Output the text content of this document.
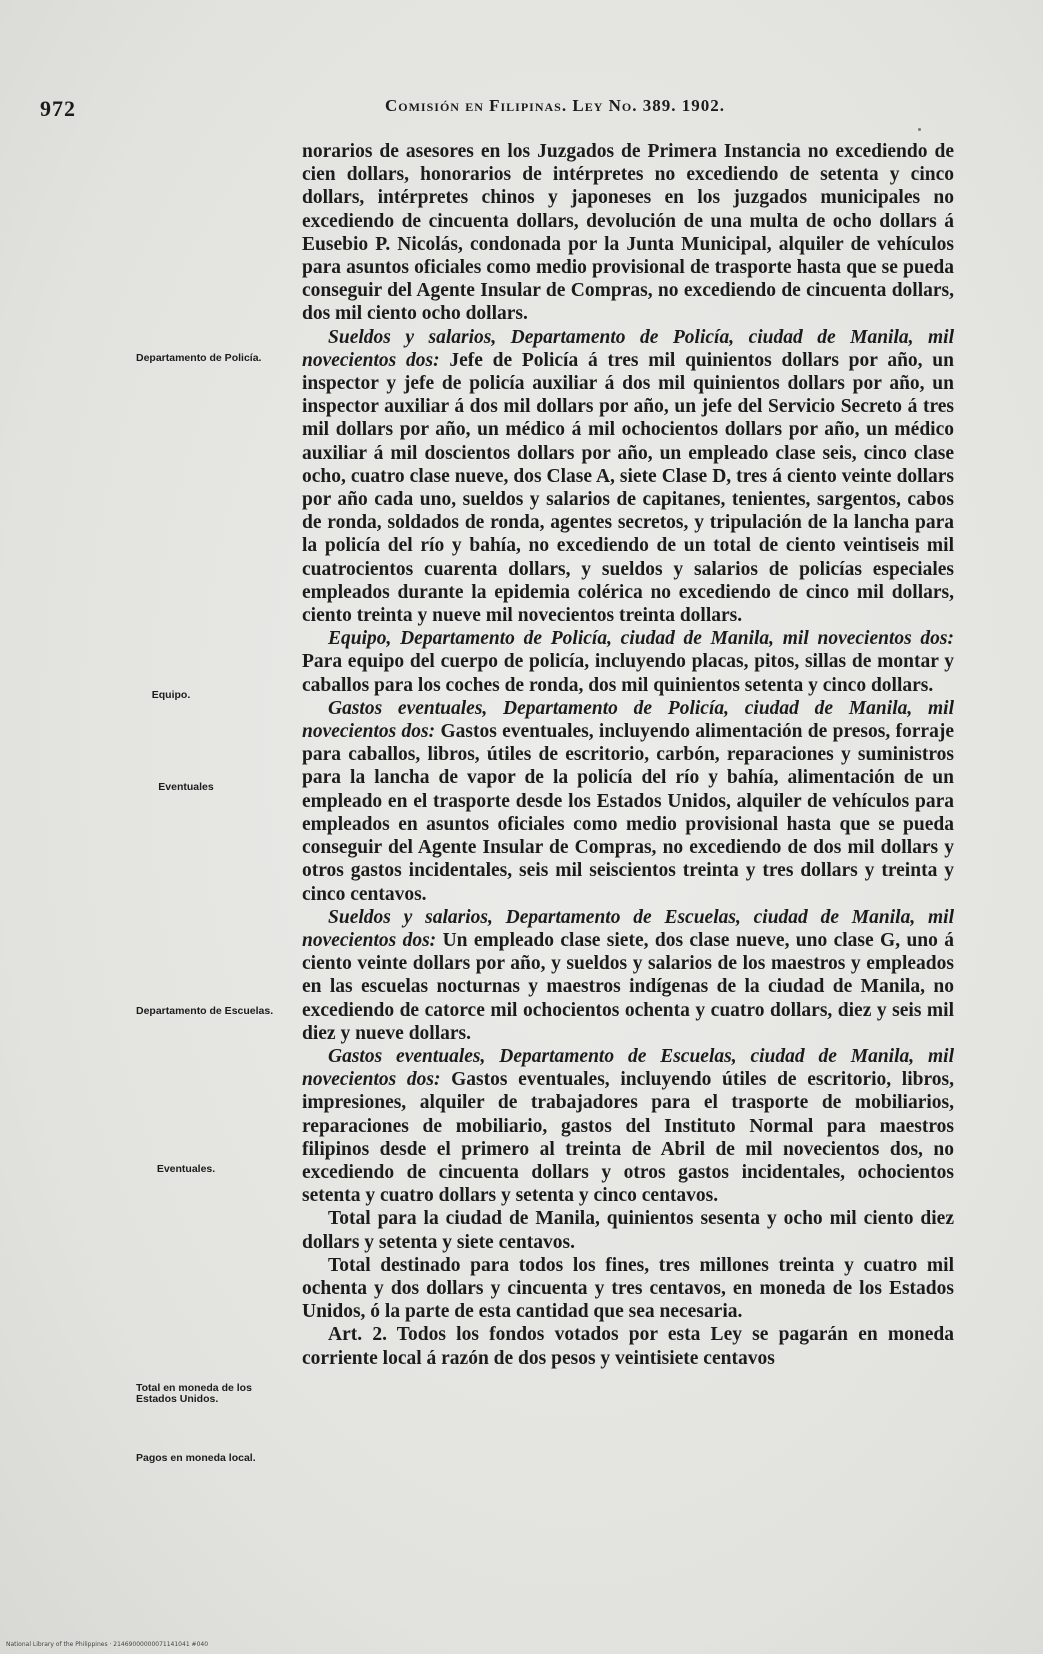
972	Comisión en Filipinas. Ley No. 389. 1902.

norarios de asesores en los Juzgados de Primera Instancia no excediendo de cien dollars, honorarios de intérpretes no excediendo de setenta y cinco dollars, intérpretes chinos y japoneses en los juzgados municipales no excediendo de cincuenta dollars, devolución de una multa de ocho dollars á Eusebio P. Nicolás, condonada por la Junta Municipal, alquiler de vehículos para asuntos oficiales como medio provisional de trasporte hasta que se pueda conseguir del Agente Insular de Compras, no excediendo de cincuenta dollars, dos mil ciento ocho dollars.

Sueldos y salarios, Departamento de Policía, ciudad de Manila, mil novecientos dos: Jefe de Policía á tres mil quinientos dollars por año, un inspector y jefe de policía auxiliar á dos mil quinientos dollars por año, un inspector auxiliar á dos mil dollars por año, un jefe del Servicio Secreto á tres mil dollars por año, un médico á mil ochocientos dollars por año, un médico auxiliar á mil doscientos dollars por año, un empleado clase seis, cinco clase ocho, cuatro clase nueve, dos Clase A, siete Clase D, tres á ciento veinte dollars por año cada uno, sueldos y salarios de capitanes, tenientes, sargentos, cabos de ronda, soldados de ronda, agentes secretos, y tripulación de la lancha para la policía del río y bahía, no excediendo de un total de ciento veintiseis mil cuatrocientos cuarenta dollars, y sueldos y salarios de policías especiales empleados durante la epidemia colérica no excediendo de cinco mil dollars, ciento treinta y nueve mil novecientos treinta dollars.

Equipo, Departamento de Policía, ciudad de Manila, mil novecientos dos: Para equipo del cuerpo de policía, incluyendo placas, pitos, sillas de montar y caballos para los coches de ronda, dos mil quinientos setenta y cinco dollars.

Gastos eventuales, Departamento de Policía, ciudad de Manila, mil novecientos dos: Gastos eventuales, incluyendo alimentación de presos, forraje para caballos, libros, útiles de escritorio, carbón, reparaciones y suministros para la lancha de vapor de la policía del río y bahía, alimentación de un empleado en el trasporte desde los Estados Unidos, alquiler de vehículos para empleados en asuntos oficiales como medio provisional hasta que se pueda conseguir del Agente Insular de Compras, no excediendo de dos mil dollars y otros gastos incidentales, seis mil seiscientos treinta y tres dollars y treinta y cinco centavos.

Sueldos y salarios, Departamento de Escuelas, ciudad de Manila, mil novecientos dos: Un empleado clase siete, dos clase nueve, uno clase G, uno á ciento veinte dollars por año, y sueldos y salarios de los maestros y empleados en las escuelas nocturnas y maestros indígenas de la ciudad de Manila, no excediendo de catorce mil ochocientos ochenta y cuatro dollars, diez y seis mil diez y nueve dollars.

Gastos eventuales, Departamento de Escuelas, ciudad de Manila, mil novecientos dos: Gastos eventuales, incluyendo útiles de escritorio, libros, impresiones, alquiler de trabajadores para el trasporte de mobiliarios, reparaciones de mobiliario, gastos del Instituto Normal para maestros filipinos desde el primero al treinta de Abril de mil novecientos dos, no excediendo de cincuenta dollars y otros gastos incidentales, ochocientos setenta y cuatro dollars y setenta y cinco centavos.

Total para la ciudad de Manila, quinientos sesenta y ocho mil ciento diez dollars y setenta y siete centavos.

Total destinado para todos los fines, tres millones treinta y cuatro mil ochenta y dos dollars y cincuenta y tres centavos, en moneda de los Estados Unidos, ó la parte de esta cantidad que sea necesaria.

Art. 2. Todos los fondos votados por esta Ley se pagarán en moneda corriente local á razón de dos pesos y veintisiete centavos

Departamento de Policía.
Equipo.
Eventuales
Departamento de Escuelas.
Eventuales.
Total en moneda de los Estados Unidos.
Pagos en moneda local.
National Library of the Philippines · 21469000000071141041 #040
